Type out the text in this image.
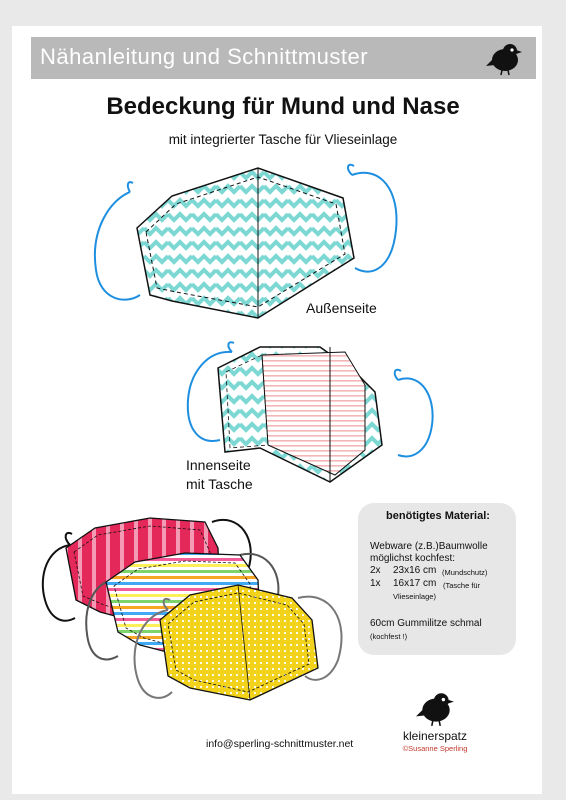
Nähanleitung und Schnittmuster
Bedeckung für Mund und Nase
mit integrierter Tasche für Vlieseinlage
Außenseite
Innenseite
mit Tasche
benötigtes Material:
Webware (z.B.)Baumwolle
möglichst kochfest:
2x 23x16 cm (Mundschutz)
1x 16x17 cm (Tasche für
Vlieseinlage)
60cm Gummilitze schmal
(kochfest !)
info@sperling-schnittmuster.net
kleinerspatz
©Susanne Sperling
